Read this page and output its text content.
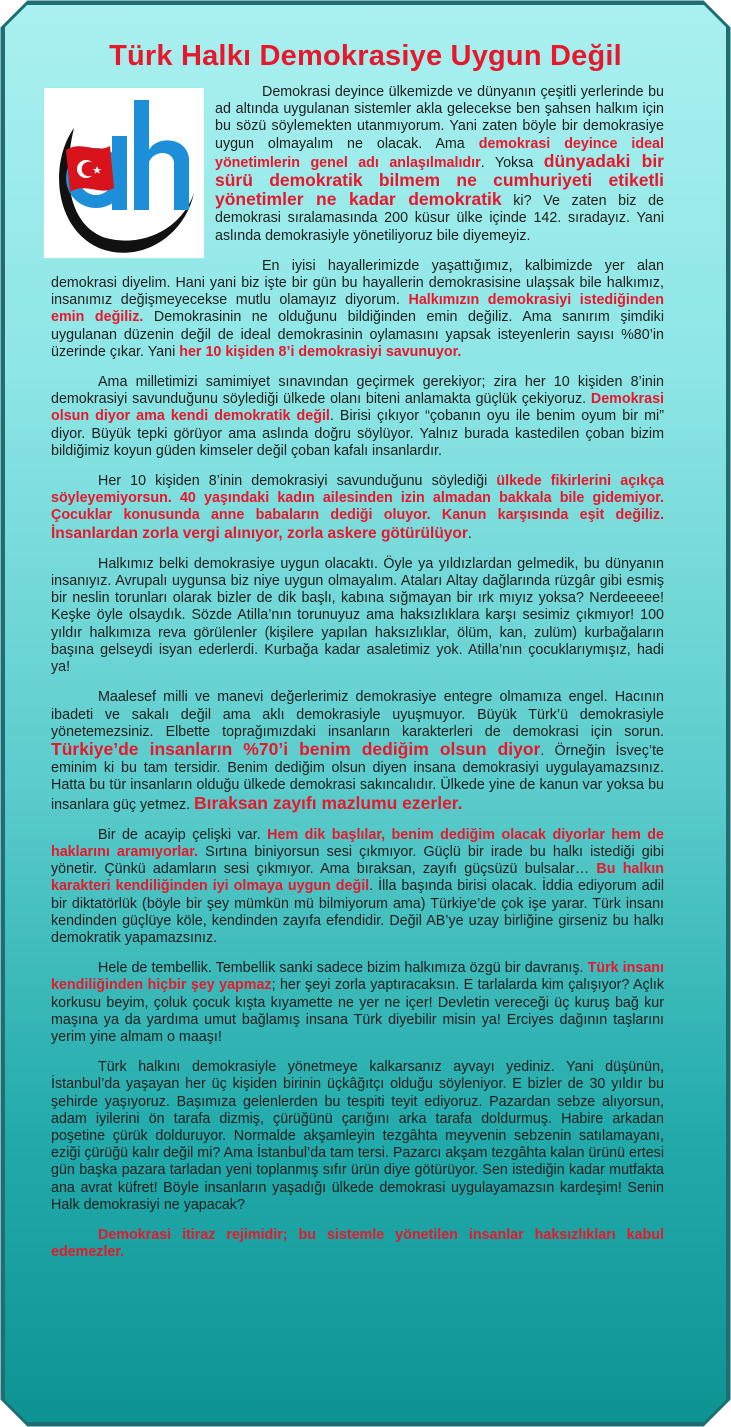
Türk Halkı Demokrasiye Uygun Değil

Demokrasi deyince ülkemizde ve dünyanın çeşitli yerlerinde bu ad altında uygulanan sistemler akla gelecekse ben şahsen halkım için bu sözü söylemekten utanmıyorum. Yani zaten böyle bir demokrasiye uygun olmayalım ne olacak. Ama demokrasi deyince ideal yönetimlerin genel adı anlaşılmalıdır. Yoksa dünyadaki bir sürü demokratik bilmem ne cumhuriyeti etiketli yönetimler ne kadar demokratik ki? Ve zaten biz de demokrasi sıralamasında 200 küsur ülke içinde 142. sıradayız. Yani aslında demokrasiyle yönetiliyoruz bile diyemeyiz.

En iyisi hayallerimizde yaşattığımız, kalbimizde yer alan demokrasi diyelim. Hani yani biz işte bir gün bu hayallerin demokrasisine ulaşsak bile halkımız, insanımız değişmeyecekse mutlu olamayız diyorum. Halkımızın demokrasiyi istediğinden emin değiliz. Demokrasinin ne olduğunu bildiğinden emin değiliz. Ama sanırım şimdiki uygulanan düzenin değil de ideal demokrasinin oylamasını yapsak isteyenlerin sayısı %80’in üzerinde çıkar. Yani her 10 kişiden 8’i demokrasiyi savunuyor.

Ama milletimizi samimiyet sınavından geçirmek gerekiyor; zira her 10 kişiden 8’inin demokrasiyi savunduğunu söylediği ülkede olanı biteni anlamakta güçlük çekiyoruz. Demokrasi olsun diyor ama kendi demokratik değil. Birisi çıkıyor “çobanın oyu ile benim oyum bir mi” diyor. Büyük tepki görüyor ama aslında doğru söylüyor. Yalnız burada kastedilen çoban bizim bildiğimiz koyun güden kimseler değil çoban kafalı insanlardır.

Her 10 kişiden 8’inin demokrasiyi savunduğunu söylediği ülkede fikirlerini açıkça söyleyemiyorsun. 40 yaşındaki kadın ailesinden izin almadan bakkala bile gidemiyor. Çocuklar konusunda anne babaların dediği oluyor. Kanun karşısında eşit değiliz. İnsanlardan zorla vergi alınıyor, zorla askere götürülüyor.

Halkımız belki demokrasiye uygun olacaktı. Öyle ya yıldızlardan gelmedik, bu dünyanın insanıyız. Avrupalı uygunsa biz niye uygun olmayalım. Ataları Altay dağlarında rüzgâr gibi esmiş bir neslin torunları olarak bizler de dik başlı, kabına sığmayan bir ırk mıyız yoksa? Nerdeeeee! Keşke öyle olsaydık. Sözde Atilla’nın torunuyuz ama haksızlıklara karşı sesimiz çıkmıyor! 100 yıldır halkımıza reva görülenler (kişilere yapılan haksızlıklar, ölüm, kan, zulüm) kurbağaların başına gelseydi isyan ederlerdi. Kurbağa kadar asaletimiz yok. Atilla’nın çocuklarıymışız, hadi ya!

Maalesef milli ve manevi değerlerimiz demokrasiye entegre olmamıza engel. Hacının ibadeti ve sakalı değil ama aklı demokrasiyle uyuşmuyor. Büyük Türk’ü demokrasiyle yönetemezsiniz. Elbette toprağımızdaki insanların karakterleri de demokrasi için sorun. Türkiye’de insanların %70’i benim dediğim olsun diyor. Örneğin İsveç’te eminim ki bu tam tersidir. Benim dediğim olsun diyen insana demokrasiyi uygulayamazsınız. Hatta bu tür insanların olduğu ülkede demokrasi sakıncalıdır. Ülkede yine de kanun var yoksa bu insanlara güç yetmez. Bıraksan zayıfı mazlumu ezerler.

Bir de acayip çelişki var. Hem dik başlılar, benim dediğim olacak diyorlar hem de haklarını aramıyorlar. Sırtına biniyorsun sesi çıkmıyor. Güçlü bir irade bu halkı istediği gibi yönetir. Çünkü adamların sesi çıkmıyor. Ama bıraksan, zayıfı güçsüzü bulsalar… Bu halkın karakteri kendiliğinden iyi olmaya uygun değil. İlla başında birisi olacak. İddia ediyorum adil bir diktatörlük (böyle bir şey mümkün mü bilmiyorum ama) Türkiye’de çok işe yarar. Türk insanı kendinden güçlüye köle, kendinden zayıfa efendidir. Değil AB’ye uzay birliğine girseniz bu halkı demokratik yapamazsınız.

Hele de tembellik. Tembellik sanki sadece bizim halkımıza özgü bir davranış. Türk insanı kendiliğinden hiçbir şey yapmaz; her şeyi zorla yaptıracaksın. E tarlalarda kim çalışıyor? Açlık korkusu beyim, çoluk çocuk kışta kıyamette ne yer ne içer! Devletin vereceği üç kuruş bağ kur maşına ya da yardıma umut bağlamış insana Türk diyebilir misin ya! Erciyes dağının taşlarını yerim yine almam o maaşı!

Türk halkını demokrasiyle yönetmeye kalkarsanız ayvayı yediniz. Yani düşünün, İstanbul’da yaşayan her üç kişiden birinin üçkâğıtçı olduğu söyleniyor. E bizler de 30 yıldır bu şehirde yaşıyoruz. Başımıza gelenlerden bu tespiti teyit ediyoruz. Pazardan sebze alıyorsun, adam iyilerini ön tarafa dizmiş, çürüğünü çarığını arka tarafa doldurmuş. Habire arkadan poşetine çürük dolduruyor. Normalde akşamleyin tezgâhta meyvenin sebzenin satılamayanı, eziği çürüğü kalır değil mi? Ama İstanbul’da tam tersi. Pazarcı akşam tezgâhta kalan ürünü ertesi gün başka pazara tarladan yeni toplanmış sıfır ürün diye götürüyor. Sen istediğin kadar mutfakta ana avrat küfret! Böyle insanların yaşadığı ülkede demokrasi uygulayamazsın kardeşim! Senin Halk demokrasiyi ne yapacak?

Demokrasi itiraz rejimidir; bu sistemle yönetilen insanlar haksızlıkları kabul edemezler.
